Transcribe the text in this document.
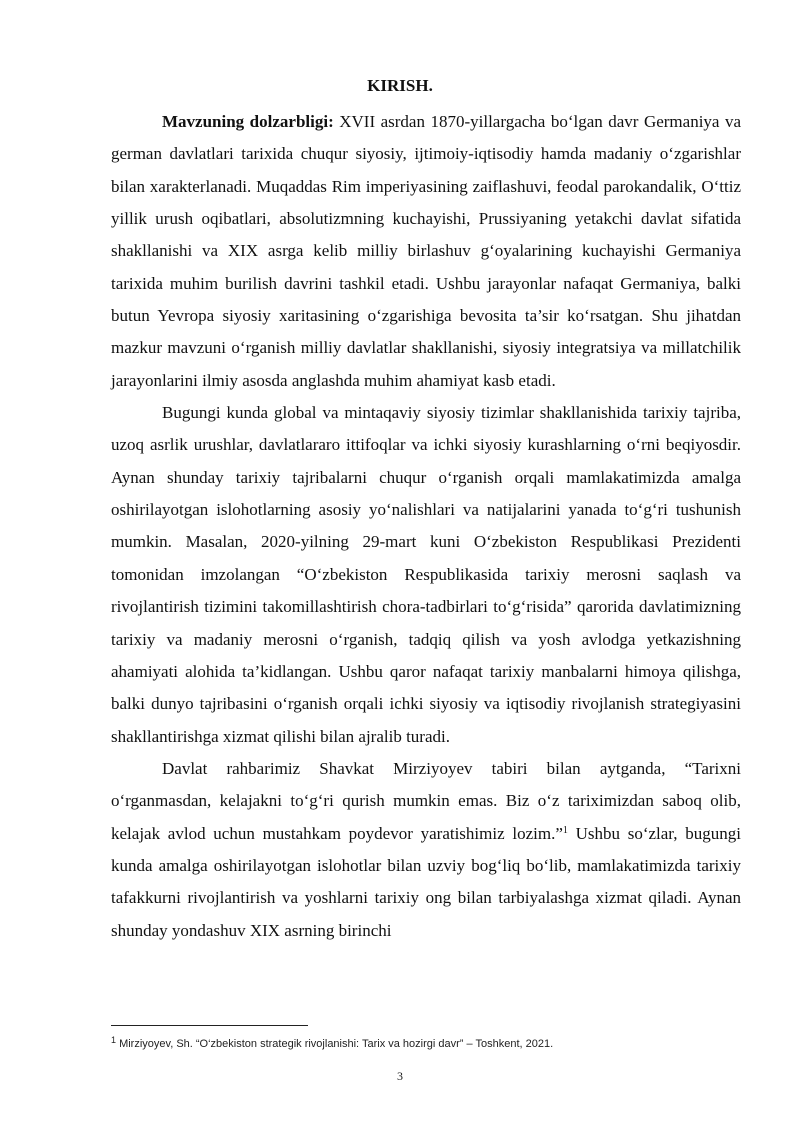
KIRISH.

Mavzuning dolzarbligi: XVII asrdan 1870-yillargacha bo‘lgan davr Germaniya va german davlatlari tarixida chuqur siyosiy, ijtimoiy-iqtisodiy hamda madaniy o‘zgarishlar bilan xarakterlanadi. Muqaddas Rim imperiyasining zaiflashuvi, feodal parokandalik, O‘ttiz yillik urush oqibatlari, absolutizmning kuchayishi, Prussiyaning yetakchi davlat sifatida shakllanishi va XIX asrga kelib milliy birlashuv g‘oyalarining kuchayishi Germaniya tarixida muhim burilish davrini tashkil etadi. Ushbu jarayonlar nafaqat Germaniya, balki butun Yevropa siyosiy xaritasining o‘zgarishiga bevosita ta’sir ko‘rsatgan. Shu jihatdan mazkur mavzuni o‘rganish milliy davlatlar shakllanishi, siyosiy integratsiya va millatchilik jarayonlarini ilmiy asosda anglashda muhim ahamiyat kasb etadi.

Bugungi kunda global va mintaqaviy siyosiy tizimlar shakllanishida tarixiy tajriba, uzoq asrlik urushlar, davlatlararo ittifoqlar va ichki siyosiy kurashlarning o‘rni beqiyosdir. Aynan shunday tarixiy tajribalarni chuqur o‘rganish orqali mamlakatimizda amalga oshirilayotgan islohotlarning asosiy yo‘nalishlari va natijalarini yanada to‘g‘ri tushunish mumkin. Masalan, 2020-yilning 29-mart kuni O‘zbekiston Respublikasi Prezidenti tomonidan imzolangan “O‘zbekiston Respublikasida tarixiy merosni saqlash va rivojlantirish tizimini takomillashtirish chora-tadbirlari to‘g‘risida” qarorida davlatimizning tarixiy va madaniy merosni o‘rganish, tadqiq qilish va yosh avlodga yetkazishning ahamiyati alohida ta’kidlangan. Ushbu qaror nafaqat tarixiy manbalarni himoya qilishga, balki dunyo tajribasini o‘rganish orqali ichki siyosiy va iqtisodiy rivojlanish strategiyasini shakllantirishga xizmat qilishi bilan ajralib turadi.

Davlat rahbarimiz Shavkat Mirziyoyev tabiri bilan aytganda, “Tarixni o‘rganmasdan, kelajakni to‘g‘ri qurish mumkin emas. Biz o‘z tariximizdan saboq olib, kelajak avlod uchun mustahkam poydevor yaratishimiz lozim.”$^1$ Ushbu so‘zlar, bugungi kunda amalga oshirilayotgan islohotlar bilan uzviy bog‘liq bo‘lib, mamlakatimizda tarixiy tafakkurni rivojlantirish va yoshlarni tarixiy ong bilan tarbiyalashga xizmat qiladi. Aynan shunday yondashuv XIX asrning birinchi

$^1$ Mirziyoyev, Sh. “O‘zbekiston strategik rivojlanishi: Tarix va hozirgi davr” – Toshkent, 2021.
3
